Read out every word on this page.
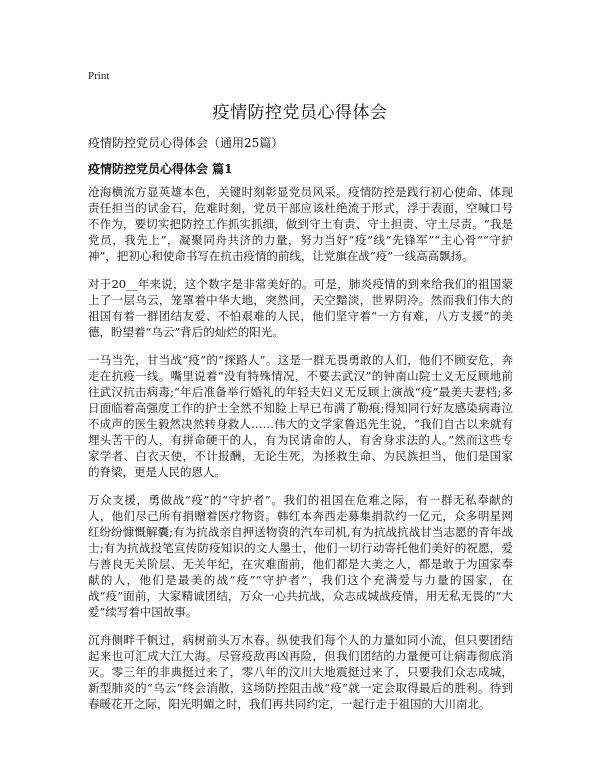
Print
疫情防控党员心得体会
疫情防控党员心得体会（通用25篇）
疫情防控党员心得体会 篇1

沧海横流方显英雄本色，关键时刻彰显党员风采。疫情防控是践行初心使命、体现责任担当的试金石，危难时刻，党员干部应该杜绝流于形式，浮于表面，空喊口号不作为，要切实把防控工作抓实抓细，做到守土有责、守土担责、守土尽责。“我是党员，我先上”，凝聚同舟共济的力量，努力当好“疫”线“先锋军”“主心骨”“守护神”，把初心和使命书写在抗击疫情的前线，让党旗在战“疫”一线高高飘扬。

对于20__年来说，这个数字是非常美好的。可是，肺炎疫情的到来给我们的祖国蒙上了一层乌云，笼罩着中华大地，突然间，天空黯淡，世界阴冷。然而我们伟大的祖国有着一群团结友爱、不怕艰难的人民，他们坚守着“一方有难，八方支援”的美德，盼望着“乌云”背后的灿烂的阳光。

一马当先，甘当战“疫”的“探路人”。这是一群无畏勇敢的人们，他们不顾安危，奔走在抗疫一线。嘴里说着“没有特殊情况，不要去武汉”的钟南山院士义无反顾地前往武汉抗击病毒;“年后准备举行婚礼的年轻夫妇义无反顾上演战“疫”最美夫妻档;多日面临着高强度工作的护士全然不知脸上早已布满了勒痕;得知同行好友感染病毒泣不成声的医生毅然决然转身救人……伟大的文学家鲁迅先生说，“我们自古以来就有埋头苦干的人，有拼命硬干的人，有为民请命的人，有舍身求法的人。”然而这些专家学者、白衣天使，不计报酬，无论生死，为拯救生命、为民族担当，他们是国家的脊梁，更是人民的恩人。

万众支援，勇做战“疫”的“守护者”。我们的祖国在危难之际，有一群无私奉献的人，他们尽己所有捐赠着医疗物资。韩红本奔西走募集捐款约一亿元，众多明星网红纷纷慷慨解囊;有为抗战亲自押送物资的汽车司机,有为抗战抗战甘当志愿的青年战士;有为抗战投笔宣传防疫知识的文人墨士，他们一切行动寄托他们美好的祝愿，爱与善良无关阶层、无关年纪，在灾难面前，他们都是大美之人，都是敢于为国家奉献的人，他们是最美的战“疫”“守护者”，我们这个充满爱与力量的国家，在战“疫”面前，大家精诚团结，万众一心共抗战，众志成城战疫情，用无私无畏的“大爱”续写着中国故事。

沉舟侧畔千帆过，病树前头万木春。纵使我们每个人的力量如同小流，但只要团结起来也可汇成大江大海。尽管疫敌再凶再险，但我们团结的力量便可让病毒彻底消灭。零三年的非典挺过来了，零八年的汶川大地震挺过来了，只要我们众志成城，新型肺炎的“乌云”终会消散，这场防控阻击战“疫”就一定会取得最后的胜利。待到春暖花开之际，阳光明媚之时，我们再共同约定，一起行走于祖国的大川南北。
